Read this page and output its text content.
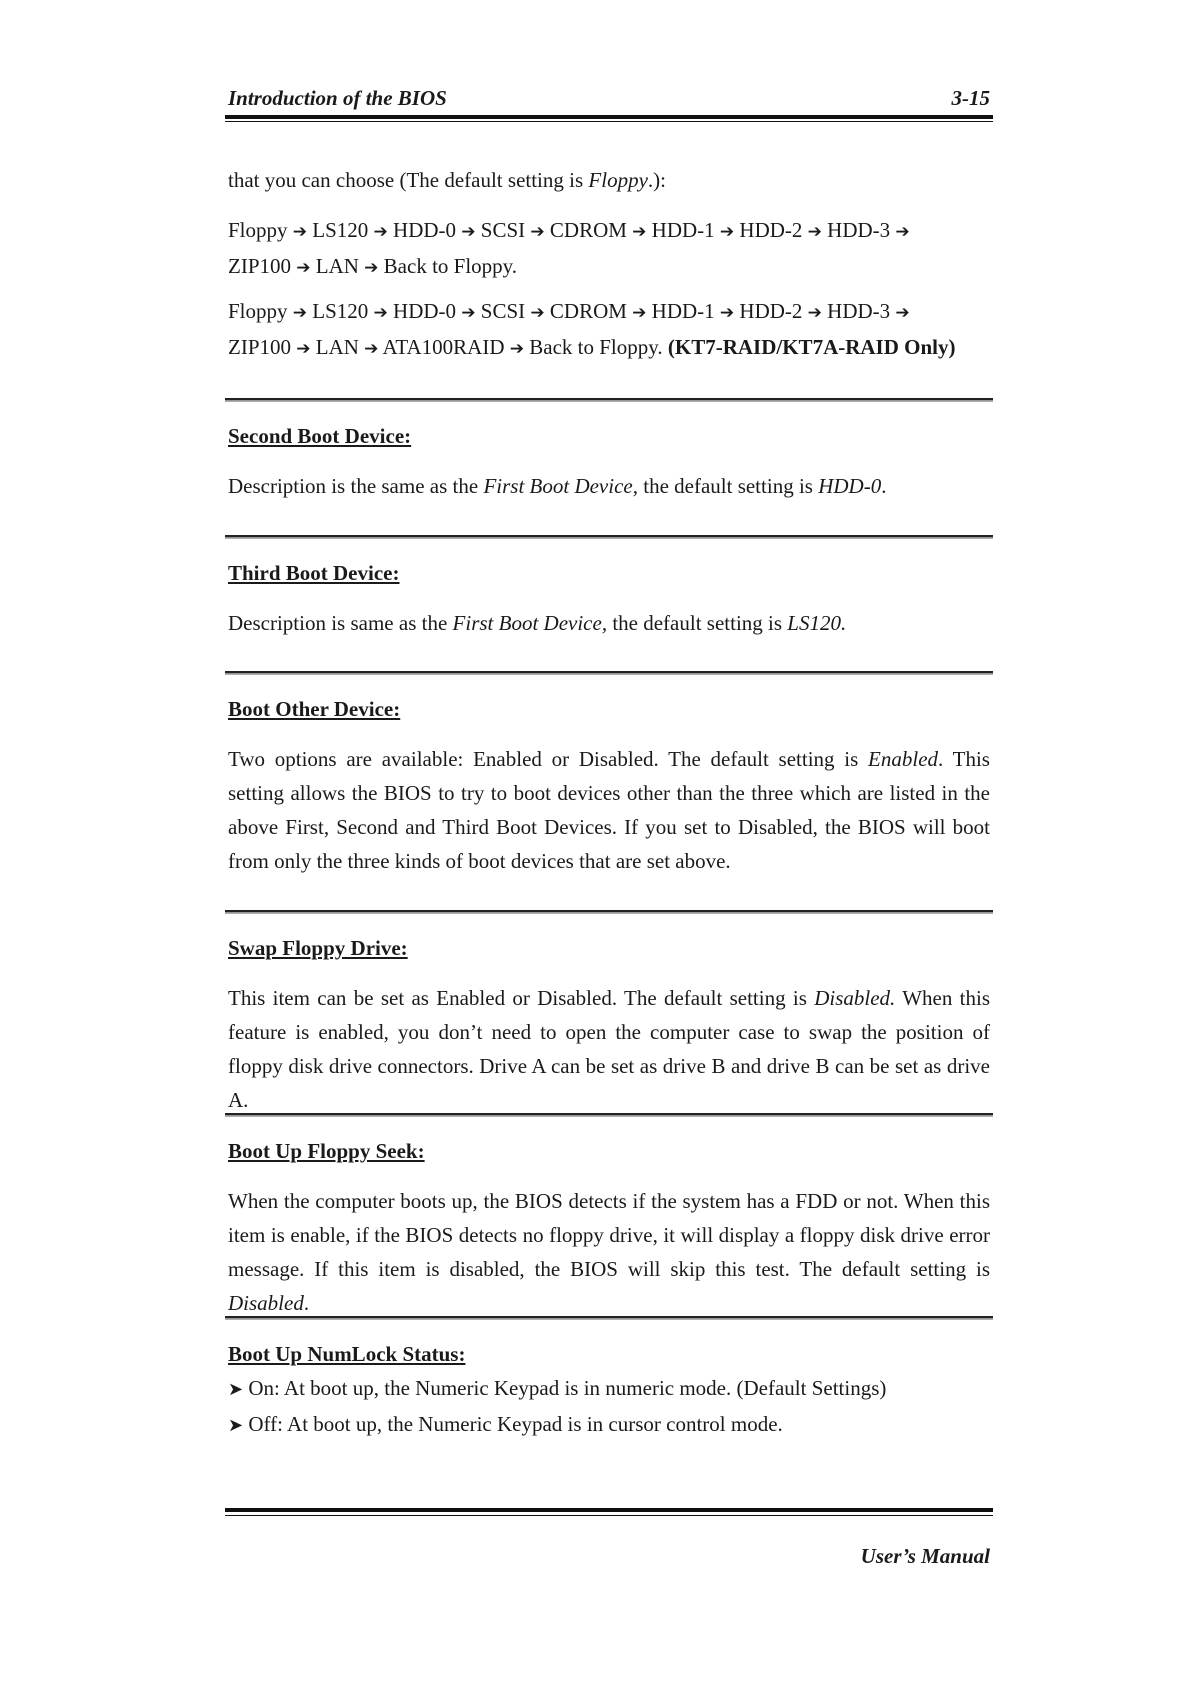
Introduction of the BIOS	3-15
that you can choose (The default setting is Floppy.):
Floppy ➔ LS120 ➔ HDD-0 ➔ SCSI ➔ CDROM ➔ HDD-1 ➔ HDD-2 ➔ HDD-3 ➔
ZIP100 ➔ LAN ➔ Back to Floppy.
Floppy ➔ LS120 ➔ HDD-0 ➔ SCSI ➔ CDROM ➔ HDD-1 ➔ HDD-2 ➔ HDD-3 ➔
ZIP100 ➔ LAN ➔ ATA100RAID ➔ Back to Floppy. (KT7-RAID/KT7A-RAID Only)
Second Boot Device:
Description is the same as the First Boot Device, the default setting is HDD-0.
Third Boot Device:
Description is same as the First Boot Device, the default setting is LS120.
Boot Other Device:
Two options are available: Enabled or Disabled. The default setting is Enabled. This setting allows the BIOS to try to boot devices other than the three which are listed in the above First, Second and Third Boot Devices. If you set to Disabled, the BIOS will boot from only the three kinds of boot devices that are set above.
Swap Floppy Drive:
This item can be set as Enabled or Disabled. The default setting is Disabled. When this feature is enabled, you don’t need to open the computer case to swap the position of floppy disk drive connectors. Drive A can be set as drive B and drive B can be set as drive A.
Boot Up Floppy Seek:
When the computer boots up, the BIOS detects if the system has a FDD or not. When this item is enable, if the BIOS detects no floppy drive, it will display a floppy disk drive error message. If this item is disabled, the BIOS will skip this test. The default setting is Disabled.
Boot Up NumLock Status:
➤ On: At boot up, the Numeric Keypad is in numeric mode. (Default Settings)
➤ Off: At boot up, the Numeric Keypad is in cursor control mode.
User’s Manual
